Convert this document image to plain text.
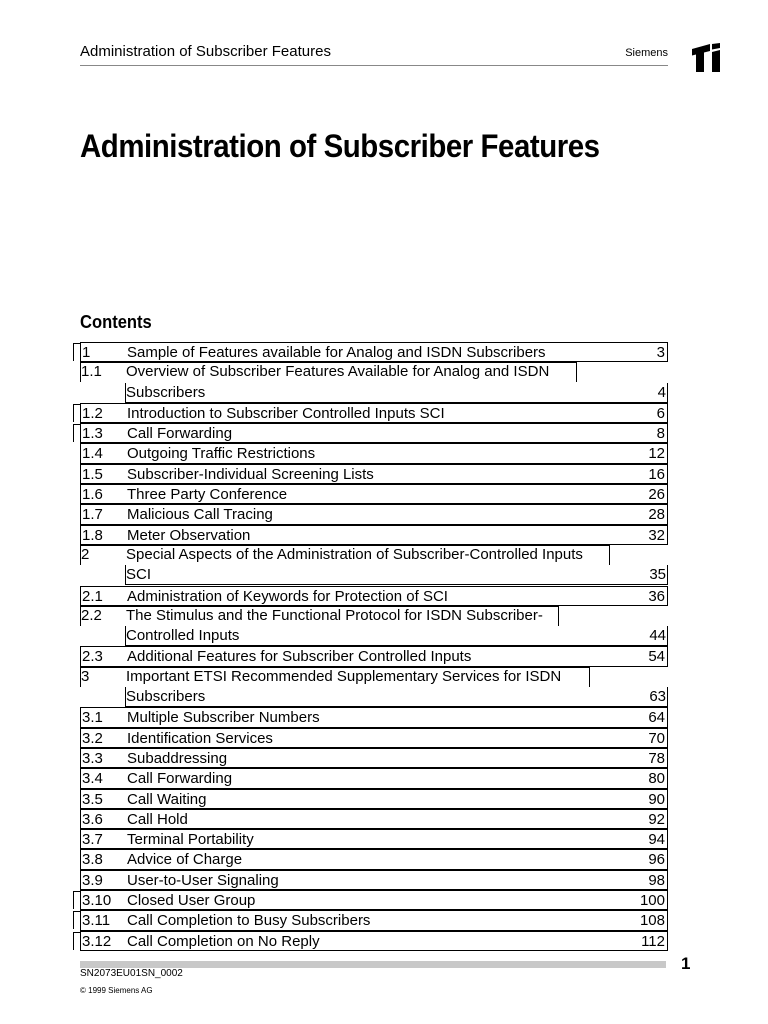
Administration of Subscriber Features	Siemens
Administration of Subscriber Features
Contents
1 Sample of Features available for Analog and ISDN Subscribers	3
1.1 Overview of Subscriber Features Available for Analog and ISDN
Subscribers	4
1.2 Introduction to Subscriber Controlled Inputs SCI	6
1.3 Call Forwarding	8
1.4 Outgoing Traffic Restrictions	12
1.5 Subscriber-Individual Screening Lists	16
1.6 Three Party Conference	26
1.7 Malicious Call Tracing	28
1.8 Meter Observation	32
2 Special Aspects of the Administration of Subscriber-Controlled Inputs
SCI	35
2.1 Administration of Keywords for Protection of SCI	36
2.2 The Stimulus and the Functional Protocol for ISDN Subscriber-
Controlled Inputs	44
2.3 Additional Features for Subscriber Controlled Inputs	54
3 Important ETSI Recommended Supplementary Services for ISDN
Subscribers	63
3.1 Multiple Subscriber Numbers	64
3.2 Identification Services	70
3.3 Subaddressing	78
3.4 Call Forwarding	80
3.5 Call Waiting	90
3.6 Call Hold	92
3.7 Terminal Portability	94
3.8 Advice of Charge	96
3.9 User-to-User Signaling	98
3.10 Closed User Group	100
3.11 Call Completion to Busy Subscribers	108
3.12 Call Completion on No Reply	112
1
SN2073EU01SN_0002
© 1999 Siemens AG
